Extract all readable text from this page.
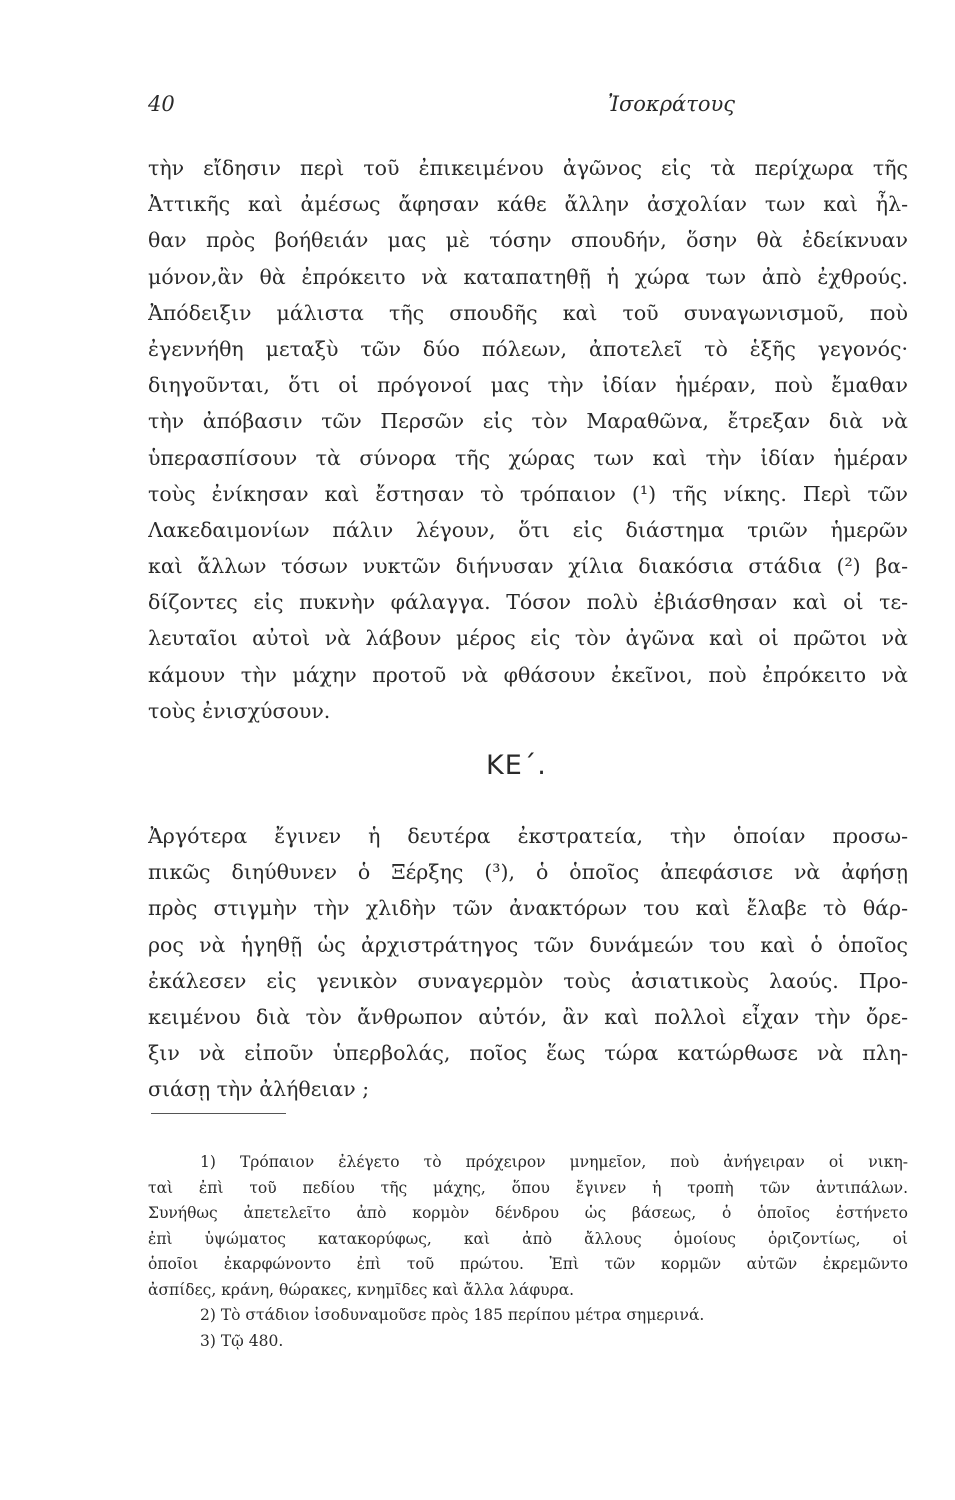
40	Ἰσοκράτους
τὴν εἴδησιν περὶ τοῦ ἐπικειμένου ἀγῶνος εἰς τὰ περίχωρα τῆς
Ἀττικῆς καὶ ἀμέσως ἄφησαν κάθε ἄλλην ἀσχολίαν των καὶ ἦλ-
θαν πρὸς βοήθειάν μας μὲ τόσην σπουδήν, ὅσην θὰ ἐδείκνυαν
μόνον,ἂν θὰ ἐπρόκειτο νὰ καταπατηθῇ ἡ χώρα των ἀπὸ ἐχθρούς.
Ἀπόδειξιν μάλιστα τῆς σπουδῆς καὶ τοῦ συναγωνισμοῦ, ποὺ
ἐγεννήθη μεταξὺ τῶν δύο πόλεων, ἀποτελεῖ τὸ ἑξῆς γεγονός·
διηγοῦνται, ὅτι οἱ πρόγονοί μας τὴν ἰδίαν ἡμέραν, ποὺ ἔμαθαν
τὴν ἀπόβασιν τῶν Περσῶν εἰς τὸν Μαραθῶνα, ἔτρεξαν διὰ νὰ
ὑπερασπίσουν τὰ σύνορα τῆς χώρας των καὶ τὴν ἰδίαν ἡμέραν
τοὺς ἐνίκησαν καὶ ἔστησαν τὸ τρόπαιον (¹) τῆς νίκης. Περὶ τῶν
Λακεδαιμονίων πάλιν λέγουν, ὅτι εἰς διάστημα τριῶν ἡμερῶν
καὶ ἄλλων τόσων νυκτῶν διήνυσαν χίλια διακόσια στάδια (²) βα-
δίζοντες εἰς πυκνὴν φάλαγγα. Τόσον πολὺ ἐβιάσθησαν καὶ οἱ τε-
λευταῖοι αὐτοὶ νὰ λάβουν μέρος εἰς τὸν ἀγῶνα καὶ οἱ πρῶτοι νὰ
κάμουν τὴν μάχην προτοῦ νὰ φθάσουν ἐκεῖνοι, ποὺ ἐπρόκειτο νὰ
τοὺς ἐνισχύσουν.
ΚΕ΄.
Ἀργότερα ἔγινεν ἡ δευτέρα ἐκστρατεία, τὴν ὁποίαν προσω-
πικῶς διηύθυνεν ὁ Ξέρξης (³), ὁ ὁποῖος ἀπεφάσισε νὰ ἀφήσῃ
πρὸς στιγμὴν τὴν χλιδὴν τῶν ἀνακτόρων του καὶ ἔλαβε τὸ θάρ-
ρος νὰ ἡγηθῇ ὡς ἀρχιστράτηγος τῶν δυνάμεών του καὶ ὁ ὁποῖος
ἐκάλεσεν εἰς γενικὸν συναγερμὸν τοὺς ἀσιατικοὺς λαούς. Προ-
κειμένου διὰ τὸν ἄνθρωπον αὐτόν, ἂν καὶ πολλοὶ εἶχαν τὴν ὄρε-
ξιν νὰ εἰποῦν ὑπερβολάς, ποῖος ἕως τώρα κατώρθωσε νὰ πλη-
σιάσῃ τὴν ἀλήθειαν ;
1) Τρόπαιον ἐλέγετο τὸ πρόχειρον μνημεῖον, ποὺ ἀνήγειραν οἱ νικη-
ταὶ ἐπὶ τοῦ πεδίου τῆς μάχης, ὅπου ἔγινεν ἡ τροπὴ τῶν ἀντιπάλων.
Συνήθως ἀπετελεῖτο ἀπὸ κορμὸν δένδρου ὡς βάσεως, ὁ ὁποῖος ἐστήνετο
ἐπὶ ὑψώματος κατακορύφως, καὶ ἀπὸ ἄλλους ὁμοίους ὁριζοντίως, οἱ
ὁποῖοι ἐκαρφώνοντο ἐπὶ τοῦ πρώτου. Ἐπὶ τῶν κορμῶν αὐτῶν ἐκρεμῶντο
ἀσπίδες, κράνη, θώρακες, κνημῖδες καὶ ἄλλα λάφυρα.
2) Τὸ στάδιον ἰσοδυναμοῦσε πρὸς 185 περίπου μέτρα σημερινά.
3) Τῷ 480.
